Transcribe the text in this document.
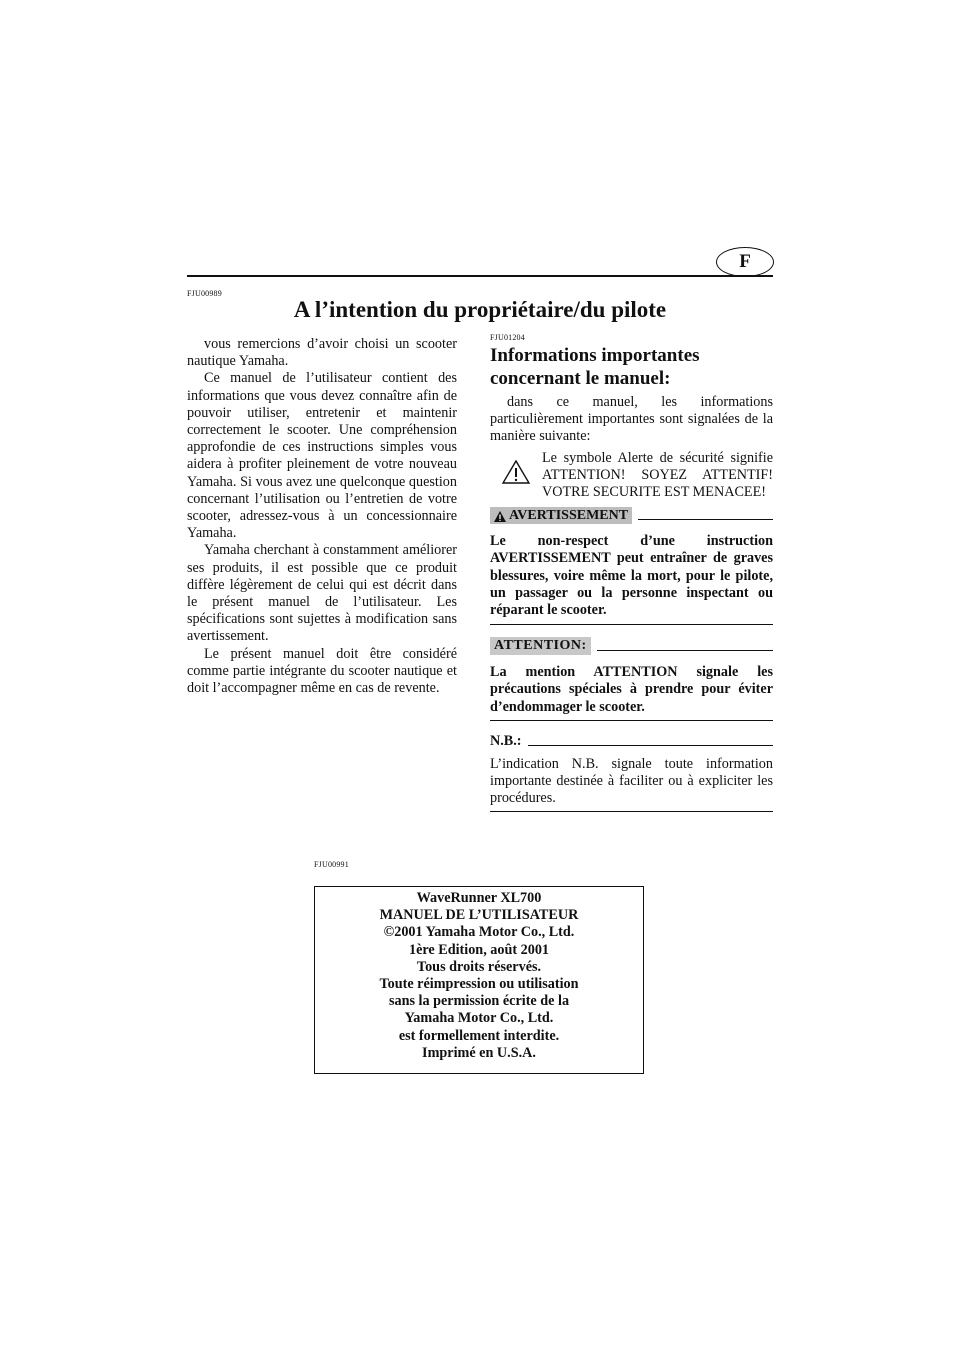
F
FJU00989
A l’intention du propriétaire/du pilote

vous remercions d’avoir choisi un scooter nautique Yamaha.

Ce manuel de l’utilisateur contient des informations que vous devez connaître afin de pouvoir utiliser, entretenir et maintenir correctement le scooter. Une compréhension approfondie de ces instructions simples vous aidera à profiter pleinement de votre nouveau Yamaha. Si vous avez une quelconque question concernant l’utilisation ou l’entretien de votre scooter, adressez-vous à un concessionnaire Yamaha.

Yamaha cherchant à constamment améliorer ses produits, il est possible que ce produit diffère légèrement de celui qui est décrit dans le présent manuel de l’utilisateur. Les spécifications sont sujettes à modification sans avertissement.

Le présent manuel doit être considéré comme partie intégrante du scooter nautique et doit l’accompagner même en cas de revente.

FJU01204
Informations importantes
concernant le manuel:

dans ce manuel, les informations particulièrement importantes sont signalées de la manière suivante:

Le symbole Alerte de sécurité signifie ATTENTION! SOYEZ ATTENTIF! VOTRE SECURITE EST MENACEE!
AVERTISSEMENT
Le non-respect d’une instruction AVERTISSEMENT peut entraîner de graves blessures, voire même la mort, pour le pilote, un passager ou la personne inspectant ou réparant le scooter.
ATTENTION:
La mention ATTENTION signale les précautions spéciales à prendre pour éviter d’endommager le scooter.
N.B.:
L’indication N.B. signale toute information importante destinée à faciliter ou à expliciter les procédures.
FJU00991
WaveRunner XL700
MANUEL DE L’UTILISATEUR
©2001 Yamaha Motor Co., Ltd.
1ère Edition, août 2001
Tous droits réservés.
Toute réimpression ou utilisation
sans la permission écrite de la
Yamaha Motor Co., Ltd.
est formellement interdite.
Imprimé en U.S.A.
